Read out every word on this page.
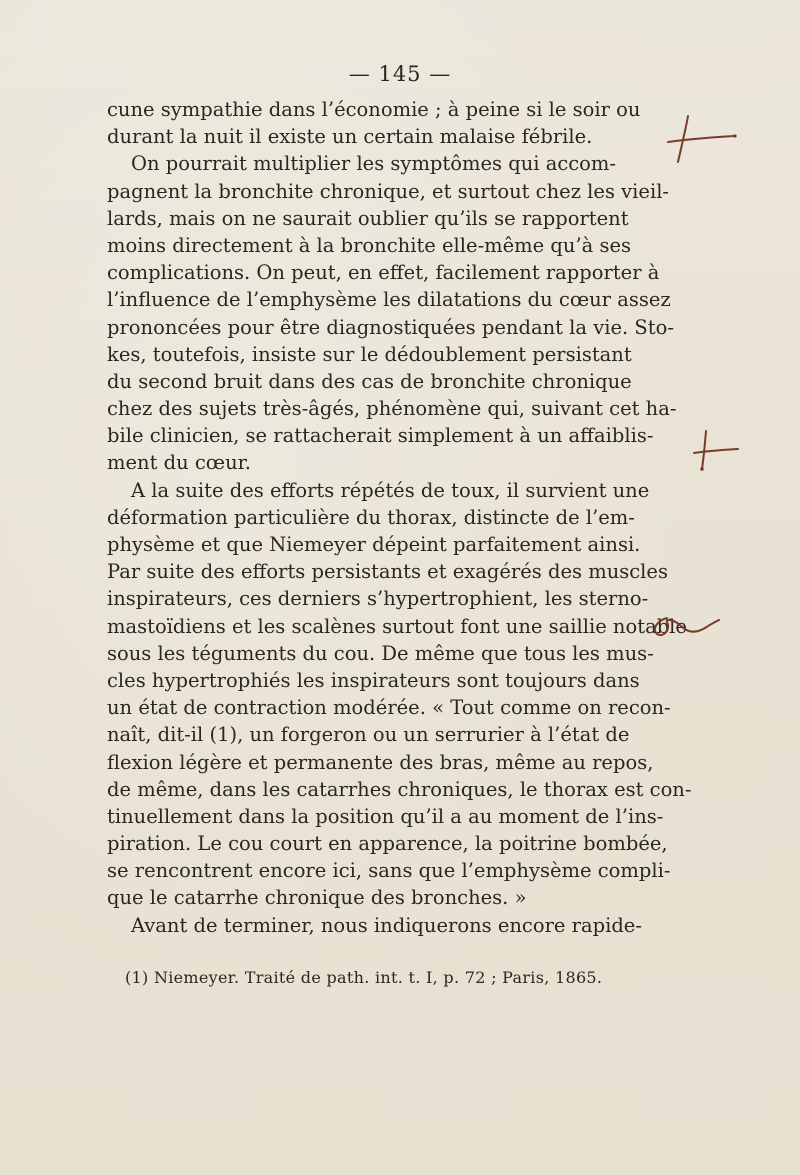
— 145 —
cune sympathie dans l’économie ; à peine si le soir ou
durant la nuit il existe un certain malaise fébrile.
On pourrait multiplier les symptômes qui accom-
pagnent la bronchite chronique, et surtout chez les vieil-
lards, mais on ne saurait oublier qu’ils se rapportent
moins directement à la bronchite elle-même qu’à ses
complications. On peut, en effet, facilement rapporter à
l’influence de l’emphysème les dilatations du cœur assez
prononcées pour être diagnostiquées pendant la vie. Sto-
kes, toutefois, insiste sur le dédoublement persistant
du second bruit dans des cas de bronchite chronique
chez des sujets très-âgés, phénomène qui, suivant cet ha-
bile clinicien, se rattacherait simplement à un affaiblis-
ment du cœur.
A la suite des efforts répétés de toux, il survient une
déformation particulière du thorax, distincte de l’em-
physème et que Niemeyer dépeint parfaitement ainsi.
Par suite des efforts persistants et exagérés des muscles
inspirateurs, ces derniers s’hypertrophient, les sterno-
mastoïdiens et les scalènes surtout font une saillie notable
sous les téguments du cou. De même que tous les mus-
cles hypertrophiés les inspirateurs sont toujours dans
un état de contraction modérée. « Tout comme on recon-
naît, dit-il (1), un forgeron ou un serrurier à l’état de
flexion légère et permanente des bras, même au repos,
de même, dans les catarrhes chroniques, le thorax est con-
tinuellement dans la position qu’il a au moment de l’ins-
piration. Le cou court en apparence, la poitrine bombée,
se rencontrent encore ici, sans que l’emphysème compli-
que le catarrhe chronique des bronches. »
Avant de terminer, nous indiquerons encore rapide-
(1) Niemeyer. Traité de path. int. t. I, p. 72 ; Paris, 1865.
